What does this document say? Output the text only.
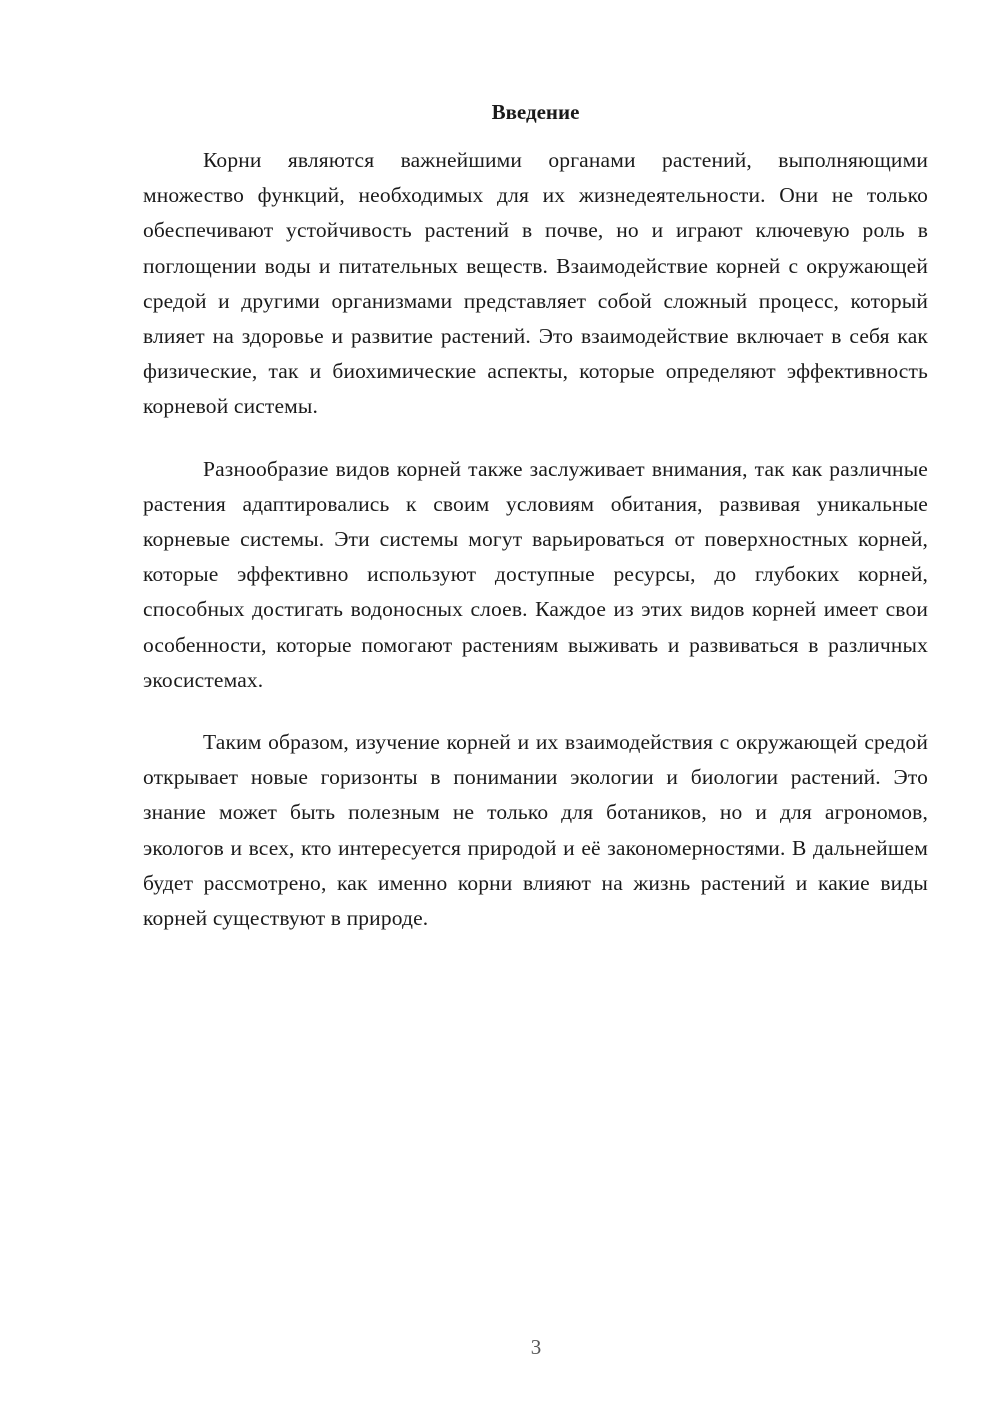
Введение

Корни являются важнейшими органами растений, выполняющими множество функций, необходимых для их жизнедеятельности. Они не только обеспечивают устойчивость растений в почве, но и играют ключевую роль в поглощении воды и питательных веществ. Взаимодействие корней с окружающей средой и другими организмами представляет собой сложный процесс, который влияет на здоровье и развитие растений. Это взаимодействие включает в себя как физические, так и биохимические аспекты, которые определяют эффективность корневой системы.

Разнообразие видов корней также заслуживает внимания, так как различные растения адаптировались к своим условиям обитания, развивая уникальные корневые системы. Эти системы могут варьироваться от поверхностных корней, которые эффективно используют доступные ресурсы, до глубоких корней, способных достигать водоносных слоев. Каждое из этих видов корней имеет свои особенности, которые помогают растениям выживать и развиваться в различных экосистемах.

Таким образом, изучение корней и их взаимодействия с окружающей средой открывает новые горизонты в понимании экологии и биологии растений. Это знание может быть полезным не только для ботаников, но и для агрономов, экологов и всех, кто интересуется природой и её закономерностями. В дальнейшем будет рассмотрено, как именно корни влияют на жизнь растений и какие виды корней существуют в природе.

3
